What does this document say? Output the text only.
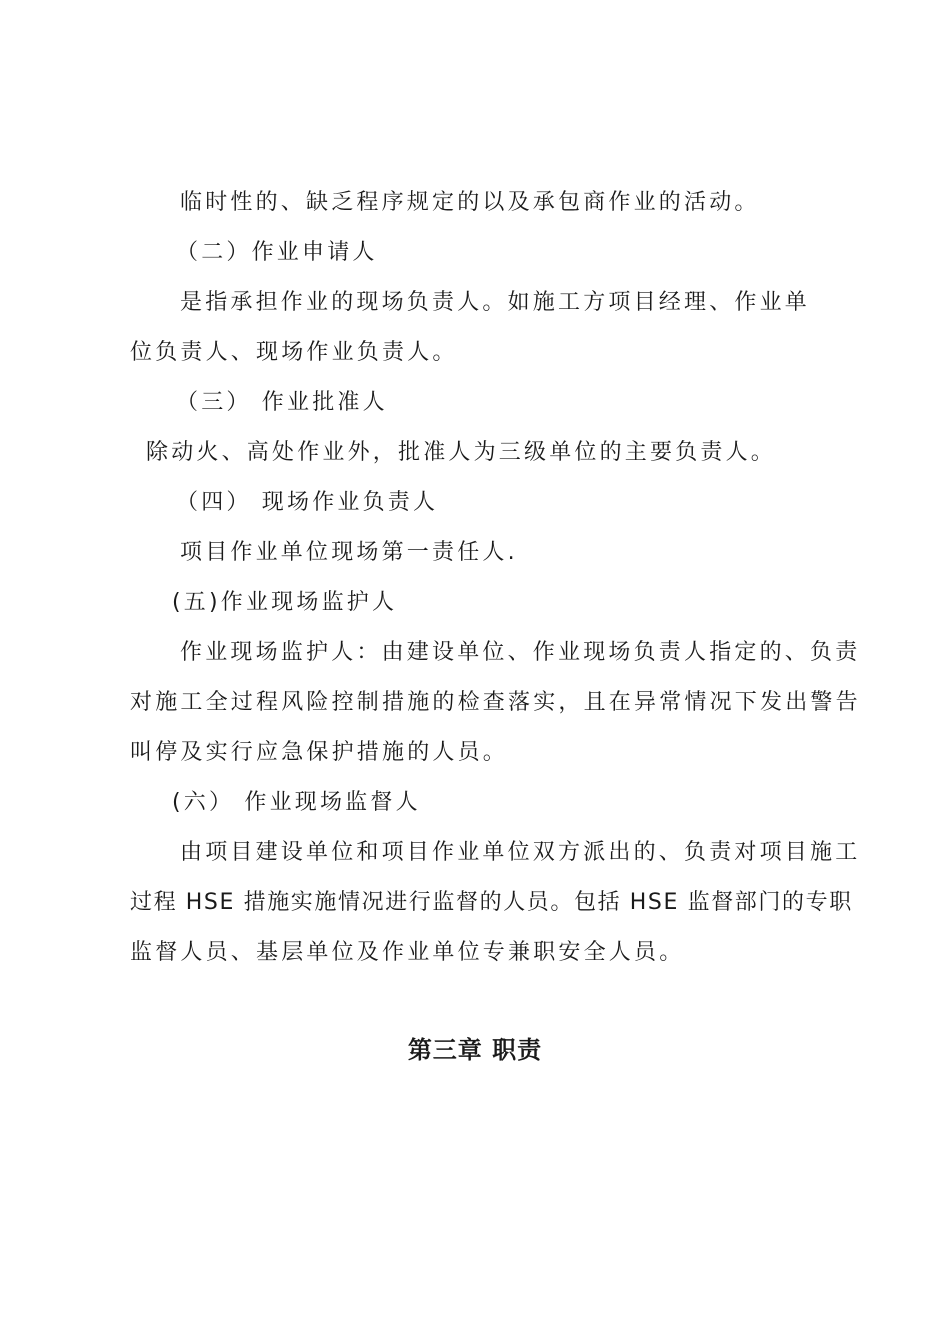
临时性的、缺乏程序规定的以及承包商作业的活动。
（二）作业申请人
是指承担作业的现场负责人。如施工方项目经理、作业单
位负责人、现场作业负责人。
（三） 作业批准人
除动火、高处作业外，批准人为三级单位的主要负责人。
（四） 现场作业负责人
项目作业单位现场第一责任人.
(五)作业现场监护人
作业现场监护人：由建设单位、作业现场负责人指定的、负责
对施工全过程风险控制措施的检查落实，且在异常情况下发出警告
叫停及实行应急保护措施的人员。
(六） 作业现场监督人
由项目建设单位和项目作业单位双方派出的、负责对项目施工
过程 HSE 措施实施情况进行监督的人员。包括 HSE 监督部门的专职
监督人员、基层单位及作业单位专兼职安全人员。
第三章 职责
